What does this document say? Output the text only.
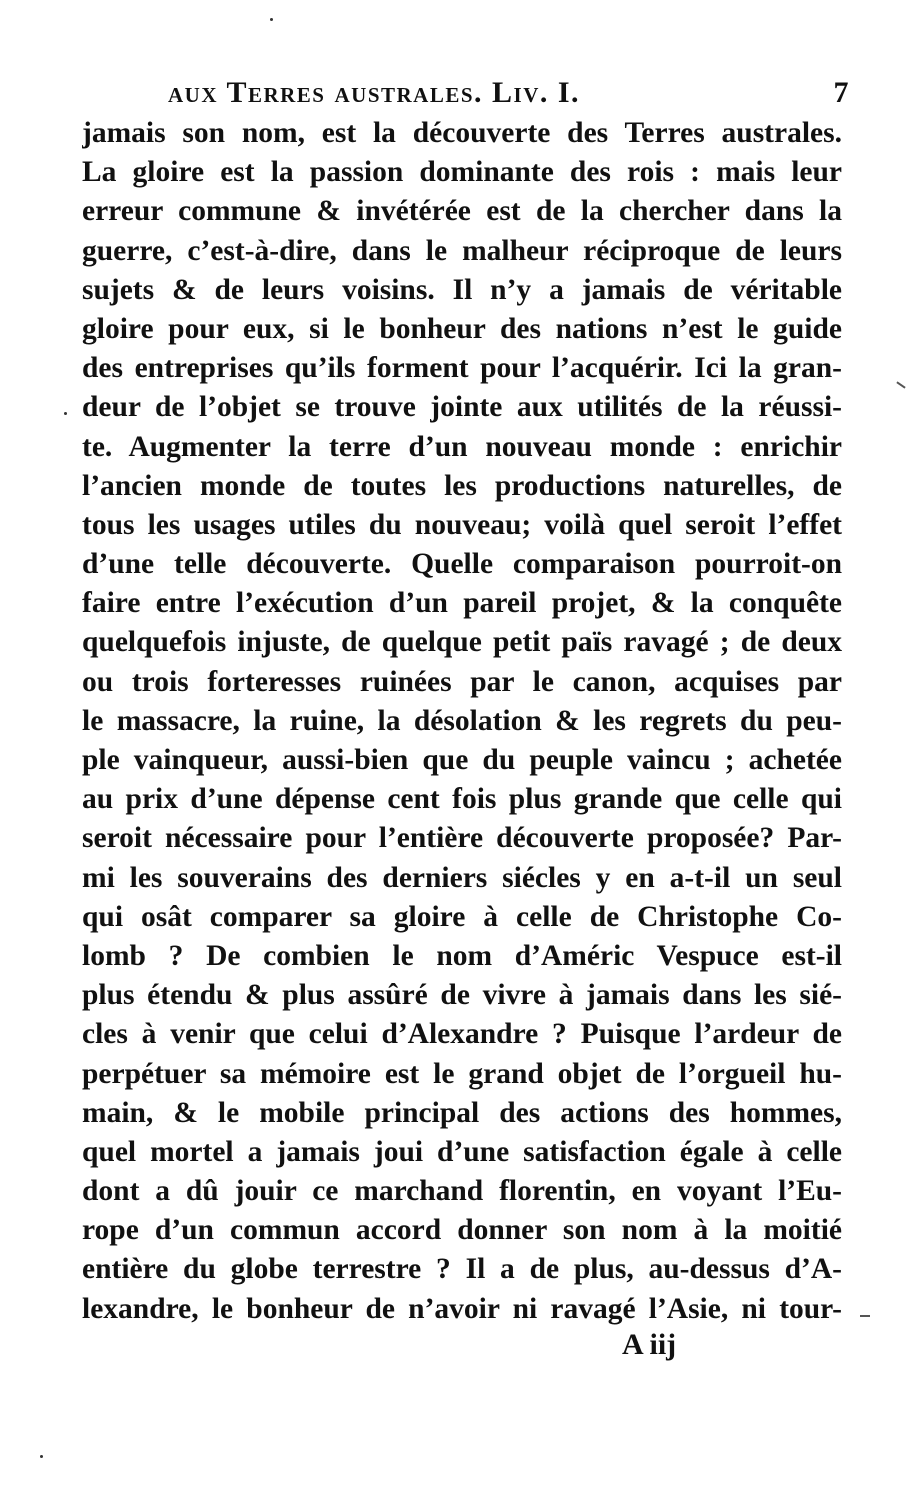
aux Terres australes. Liv. I.	7
jamais son nom, est la découverte des Terres australes.
La gloire est la passion dominante des rois : mais leur
erreur commune & invétérée est de la chercher dans la
guerre, c’est-à-dire, dans le malheur réciproque de leurs
sujets & de leurs voisins. Il n’y a jamais de véritable
gloire pour eux, si le bonheur des nations n’est le guide
des entreprises qu’ils forment pour l’acquérir. Ici la gran-
deur de l’objet se trouve jointe aux utilités de la réussi-
te. Augmenter la terre d’un nouveau monde : enrichir
l’ancien monde de toutes les productions naturelles, de
tous les usages utiles du nouveau; voilà quel seroit l’effet
d’une telle découverte. Quelle comparaison pourroit-on
faire entre l’exécution d’un pareil projet, & la conquête
quelquefois injuste, de quelque petit païs ravagé ; de deux
ou trois forteresses ruinées par le canon, acquises par
le massacre, la ruine, la désolation & les regrets du peu-
ple vainqueur, aussi-bien que du peuple vaincu ; achetée
au prix d’une dépense cent fois plus grande que celle qui
seroit nécessaire pour l’entière découverte proposée? Par-
mi les souverains des derniers siécles y en a-t-il un seul
qui osât comparer sa gloire à celle de Christophe Co-
lomb ? De combien le nom d’Améric Vespuce est-il
plus étendu & plus assûré de vivre à jamais dans les sié-
cles à venir que celui d’Alexandre ? Puisque l’ardeur de
perpétuer sa mémoire est le grand objet de l’orgueil hu-
main, & le mobile principal des actions des hommes,
quel mortel a jamais joui d’une satisfaction égale à celle
dont a dû jouir ce marchand florentin, en voyant l’Eu-
rope d’un commun accord donner son nom à la moitié
entière du globe terrestre ? Il a de plus, au-dessus d’A-
lexandre, le bonheur de n’avoir ni ravagé l’Asie, ni tour-
A iij
